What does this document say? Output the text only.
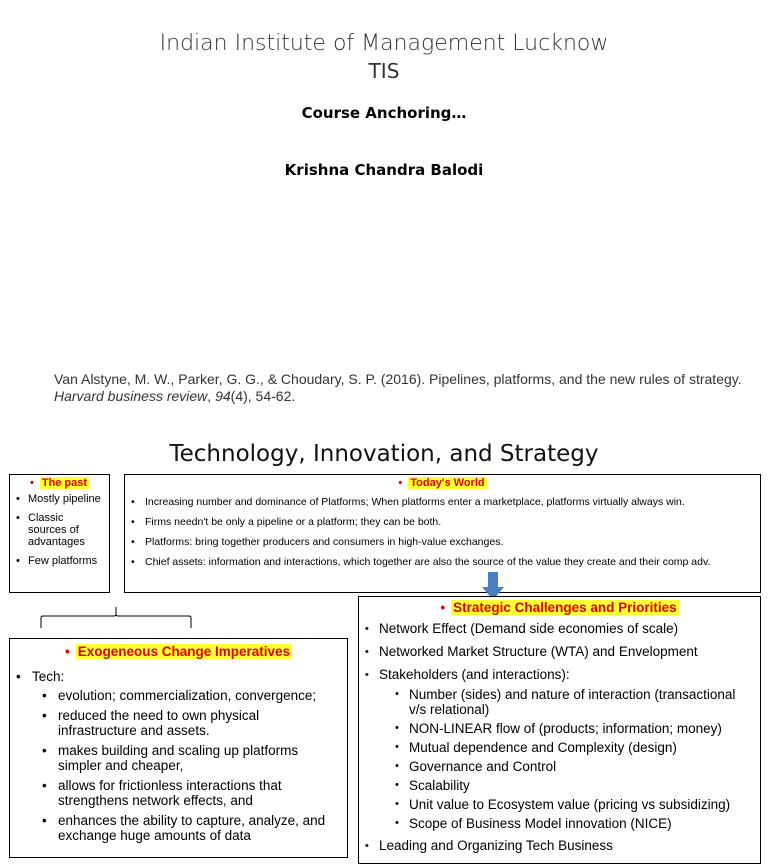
Indian Institute of Management Lucknow
TIS
Course Anchoring…
Krishna Chandra Balodi
Van Alstyne, M. W., Parker, G. G., & Choudary, S. P. (2016). Pipelines, platforms, and the new rules of strategy. Harvard business review, 94(4), 54-62.
Technology, Innovation, and Strategy
• The past
• Mostly pipeline
• Classic sources of advantages
• Few platforms
• Today's World
• Increasing number and dominance of Platforms; When platforms enter a marketplace, platforms virtually always win.
• Firms needn't be only a pipeline or a platform; they can be both.
• Platforms: bring together producers and consumers in high-value exchanges.
• Chief assets: information and interactions, which together are also the source of the value they create and their comp adv.
• Exogeneous Change Imperatives
• Tech:
• evolution; commercialization, convergence;
• reduced the need to own physical infrastructure and assets.
• makes building and scaling up platforms simpler and cheaper,
• allows for frictionless interactions that strengthens network effects, and
• enhances the ability to capture, analyze, and exchange huge amounts of data
• Strategic Challenges and Priorities
• Network Effect (Demand side economies of scale)
• Networked Market Structure (WTA) and Envelopment
• Stakeholders (and interactions):
• Number (sides) and nature of interaction (transactional v/s relational)
• NON-LINEAR flow of (products; information; money)
• Mutual dependence and Complexity (design)
• Governance and Control
• Scalability
• Unit value to Ecosystem value (pricing vs subsidizing)
• Scope of Business Model innovation (NICE)
• Leading and Organizing Tech Business
